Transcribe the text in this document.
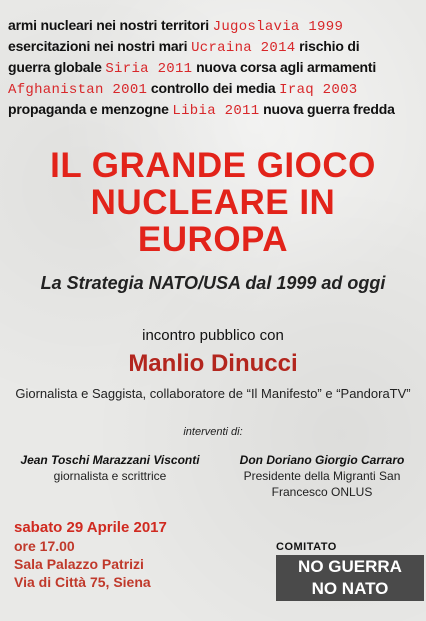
armi nucleari nei nostri territori Jugoslavia 1999
esercitazioni nei nostri mari Ucraina 2014 rischio di
guerra globale Siria 2011 nuova corsa agli armamenti
Afghanistan 2001 controllo dei media Iraq 2003
propaganda e menzogne Libia 2011 nuova guerra fredda
IL GRANDE GIOCO
NUCLEARE IN
EUROPA
La Strategia NATO/USA dal 1999 ad oggi
incontro pubblico con
Manlio Dinucci
Giornalista e Saggista, collaboratore de “Il Manifesto” e “PandoraTV”
interventi di:
Jean Toschi Marazzani Visconti
giornalista e scrittrice
Don Doriano Giorgio Carraro
Presidente della Migranti San
Francesco ONLUS
sabato 29 Aprile 2017
ore 17.00
Sala Palazzo Patrizi
Via di Città 75, Siena
COMITATO
NO GUERRA
NO NATO
